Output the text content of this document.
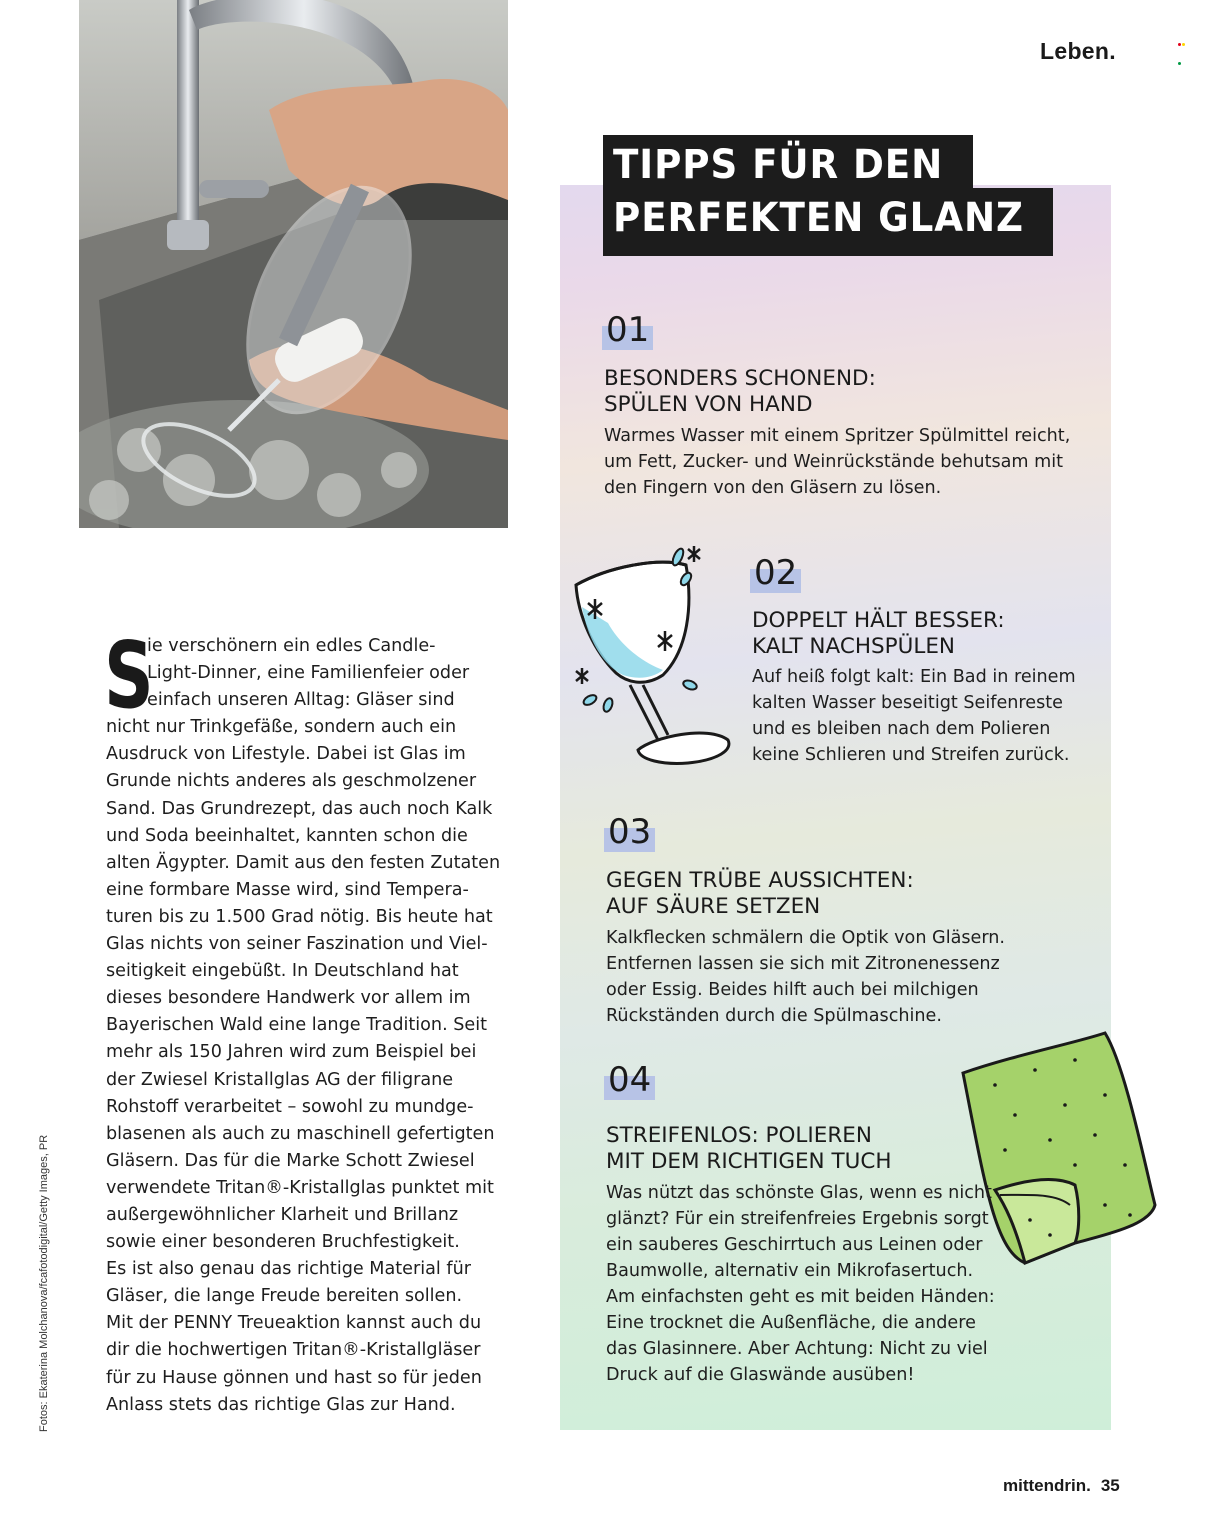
Leben.
Fotos: Ekaterina Molchanova/fcafotodigital/Getty Images, PR
S
ie verschönern ein edles Candle-
Light-Dinner, eine Familienfeier oder
einfach unseren Alltag: Gläser sind
nicht nur Trinkgefäße, sondern auch ein
Ausdruck von Lifestyle. Dabei ist Glas im
Grunde nichts anderes als geschmolzener
Sand. Das Grundrezept, das auch noch Kalk
und Soda beeinhaltet, kannten schon die
alten Ägypter. Damit aus den festen Zutaten
eine formbare Masse wird, sind Tempera-
turen bis zu 1.500 Grad nötig. Bis heute hat
Glas nichts von seiner Faszination und Viel-
seitigkeit eingebüßt. In Deutschland hat
dieses besondere Handwerk vor allem im
Bayerischen Wald eine lange Tradition. Seit
mehr als 150 Jahren wird zum Beispiel bei
der Zwiesel Kristallglas AG der filigrane
Rohstoff verarbeitet – sowohl zu mundge-
blasenen als auch zu maschinell gefertigten
Gläsern. Das für die Marke Schott Zwiesel
verwendete Tritan®-Kristallglas punktet mit
außergewöhnlicher Klarheit und Brillanz
sowie einer besonderen Bruchfestigkeit.
Es ist also genau das richtige Material für
Gläser, die lange Freude bereiten sollen.
Mit der PENNY Treueaktion kannst auch du
dir die hochwertigen Tritan®-Kristallgläser
für zu Hause gönnen und hast so für jeden
Anlass stets das richtige Glas zur Hand.
TIPPS FÜR DEN
PERFEKTEN GLANZ
01
BESONDERS SCHONEND:
SPÜLEN VON HAND
Warmes Wasser mit einem Spritzer Spülmittel reicht,
um Fett, Zucker- und Weinrückstände behutsam mit
den Fingern von den Gläsern zu lösen.
02
DOPPELT HÄLT BESSER:
KALT NACHSPÜLEN
Auf heiß folgt kalt: Ein Bad in reinem
kalten Wasser beseitigt Seifenreste
und es bleiben nach dem Polieren
keine Schlieren und Streifen zurück.
03
GEGEN TRÜBE AUSSICHTEN:
AUF SÄURE SETZEN
Kalkflecken schmälern die Optik von Gläsern.
Entfernen lassen sie sich mit Zitronenessenz
oder Essig. Beides hilft auch bei milchigen
Rückständen durch die Spülmaschine.
04
STREIFENLOS: POLIEREN
MIT DEM RICHTIGEN TUCH
Was nützt das schönste Glas, wenn es nicht
glänzt? Für ein streifenfreies Ergebnis sorgt
ein sauberes Geschirrtuch aus Leinen oder
Baumwolle, alternativ ein Mikrofasertuch.
Am einfachsten geht es mit beiden Händen:
Eine trocknet die Außenfläche, die andere
das Glasinnere. Aber Achtung: Nicht zu viel
Druck auf die Glaswände ausüben!
mittendrin. 35
